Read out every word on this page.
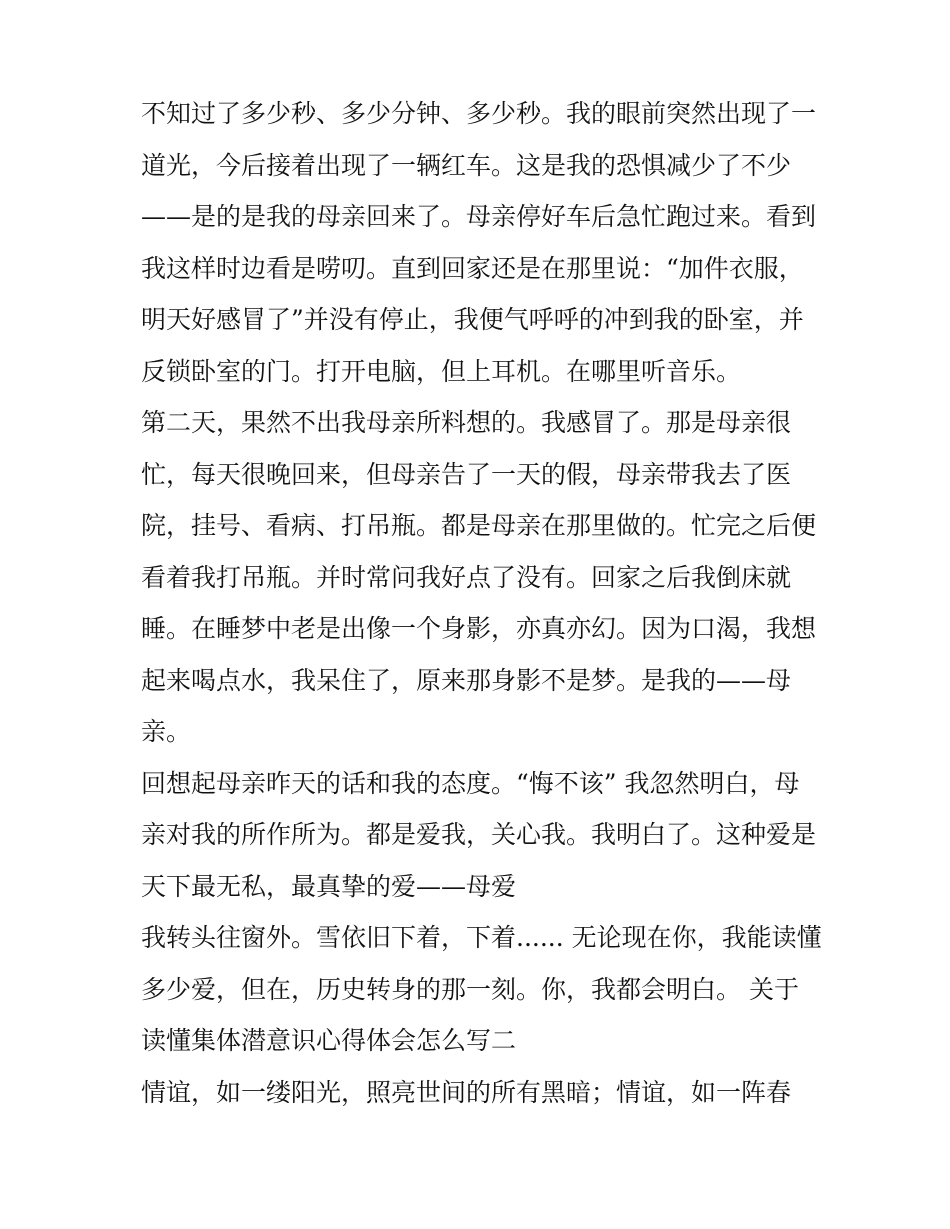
不知过了多少秒、多少分钟、多少秒。我的眼前突然出现了一
道光，今后接着出现了一辆红车。这是我的恐惧减少了不少
——是的是我的母亲回来了。母亲停好车后急忙跑过来。看到
我这样时边看是唠叨。直到回家还是在那里说：“加件衣服，
明天好感冒了”并没有停止，我便气呼呼的冲到我的卧室，并
反锁卧室的门。打开电脑，但上耳机。在哪里听音乐。
第二天，果然不出我母亲所料想的。我感冒了。那是母亲很
忙，每天很晚回来，但母亲告了一天的假，母亲带我去了医
院，挂号、看病、打吊瓶。都是母亲在那里做的。忙完之后便
看着我打吊瓶。并时常问我好点了没有。回家之后我倒床就
睡。在睡梦中老是出像一个身影，亦真亦幻。因为口渴，我想
起来喝点水，我呆住了，原来那身影不是梦。是我的——母
亲。
回想起母亲昨天的话和我的态度。“悔不该” 我忽然明白，母
亲对我的所作所为。都是爱我，关心我。我明白了。这种爱是
天下最无私，最真挚的爱——母爱
我转头往窗外。雪依旧下着，下着...... 无论现在你，我能读懂
多少爱，但在，历史转身的那一刻。你，我都会明白。 关于
读懂集体潜意识心得体会怎么写二
情谊，如一缕阳光，照亮世间的所有黑暗；情谊，如一阵春
